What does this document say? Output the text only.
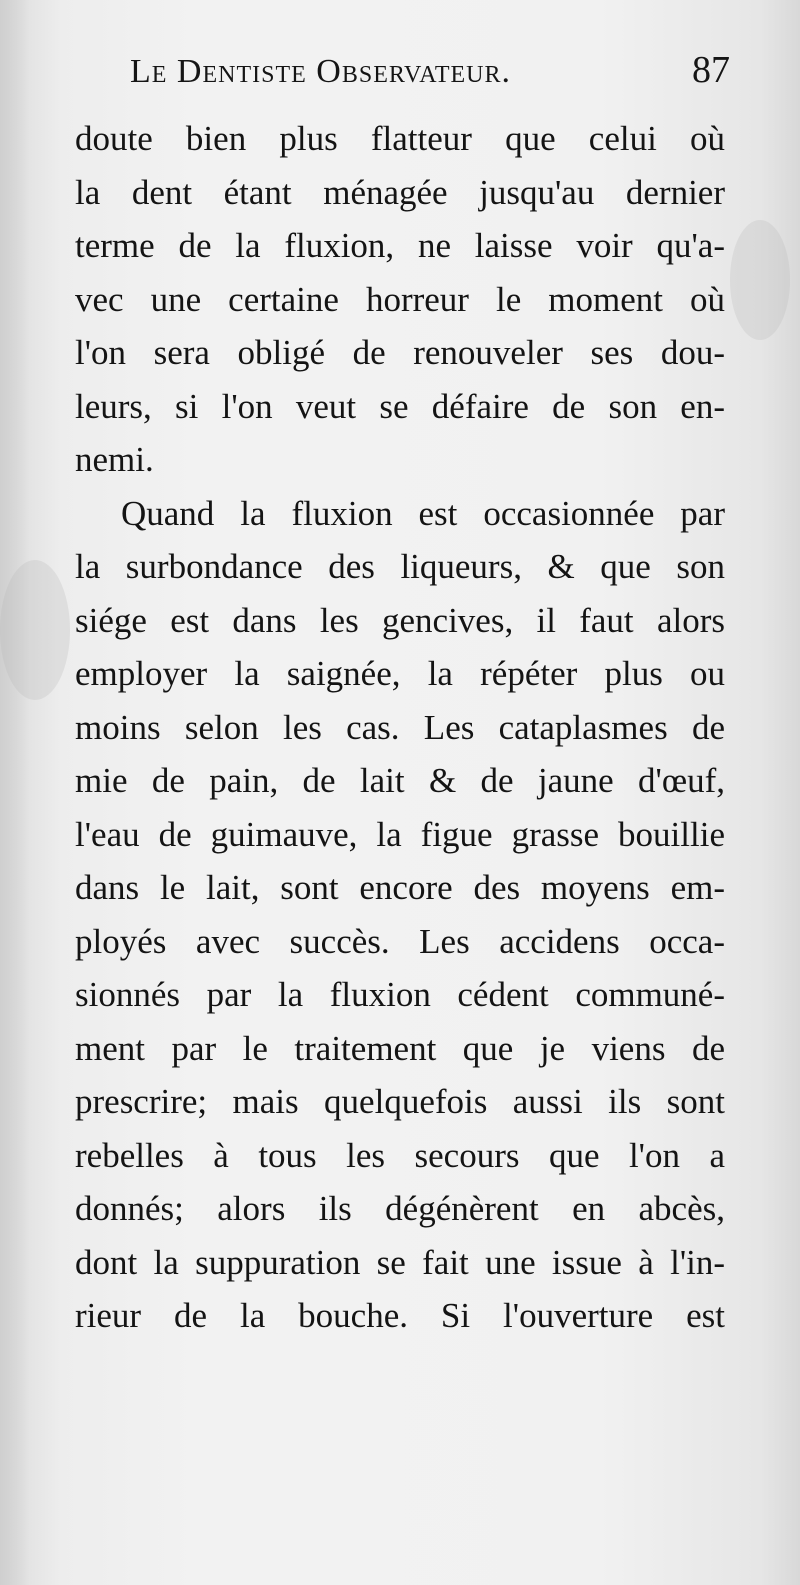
Le Dentiste Observateur.	87
doute bien plus flatteur que celui où
la dent étant ménagée jusqu'au dernier
terme de la fluxion, ne laisse voir qu'a-
vec une certaine horreur le moment où
l'on sera obligé de renouveler ses dou-
leurs, si l'on veut se défaire de son en-
nemi.
Quand la fluxion est occasionnée par
la surbondance des liqueurs, & que son
siége est dans les gencives, il faut alors
employer la saignée, la répéter plus ou
moins selon les cas. Les cataplasmes de
mie de pain, de lait & de jaune d'œuf,
l'eau de guimauve, la figue grasse bouillie
dans le lait, sont encore des moyens em-
ployés avec succès. Les accidens occa-
sionnés par la fluxion cédent communé-
ment par le traitement que je viens de
prescrire; mais quelquefois aussi ils sont
rebelles à tous les secours que l'on a
donnés; alors ils dégénèrent en abcès,
dont la suppuration se fait une issue à l'in-
rieur de la bouche. Si l'ouverture est
